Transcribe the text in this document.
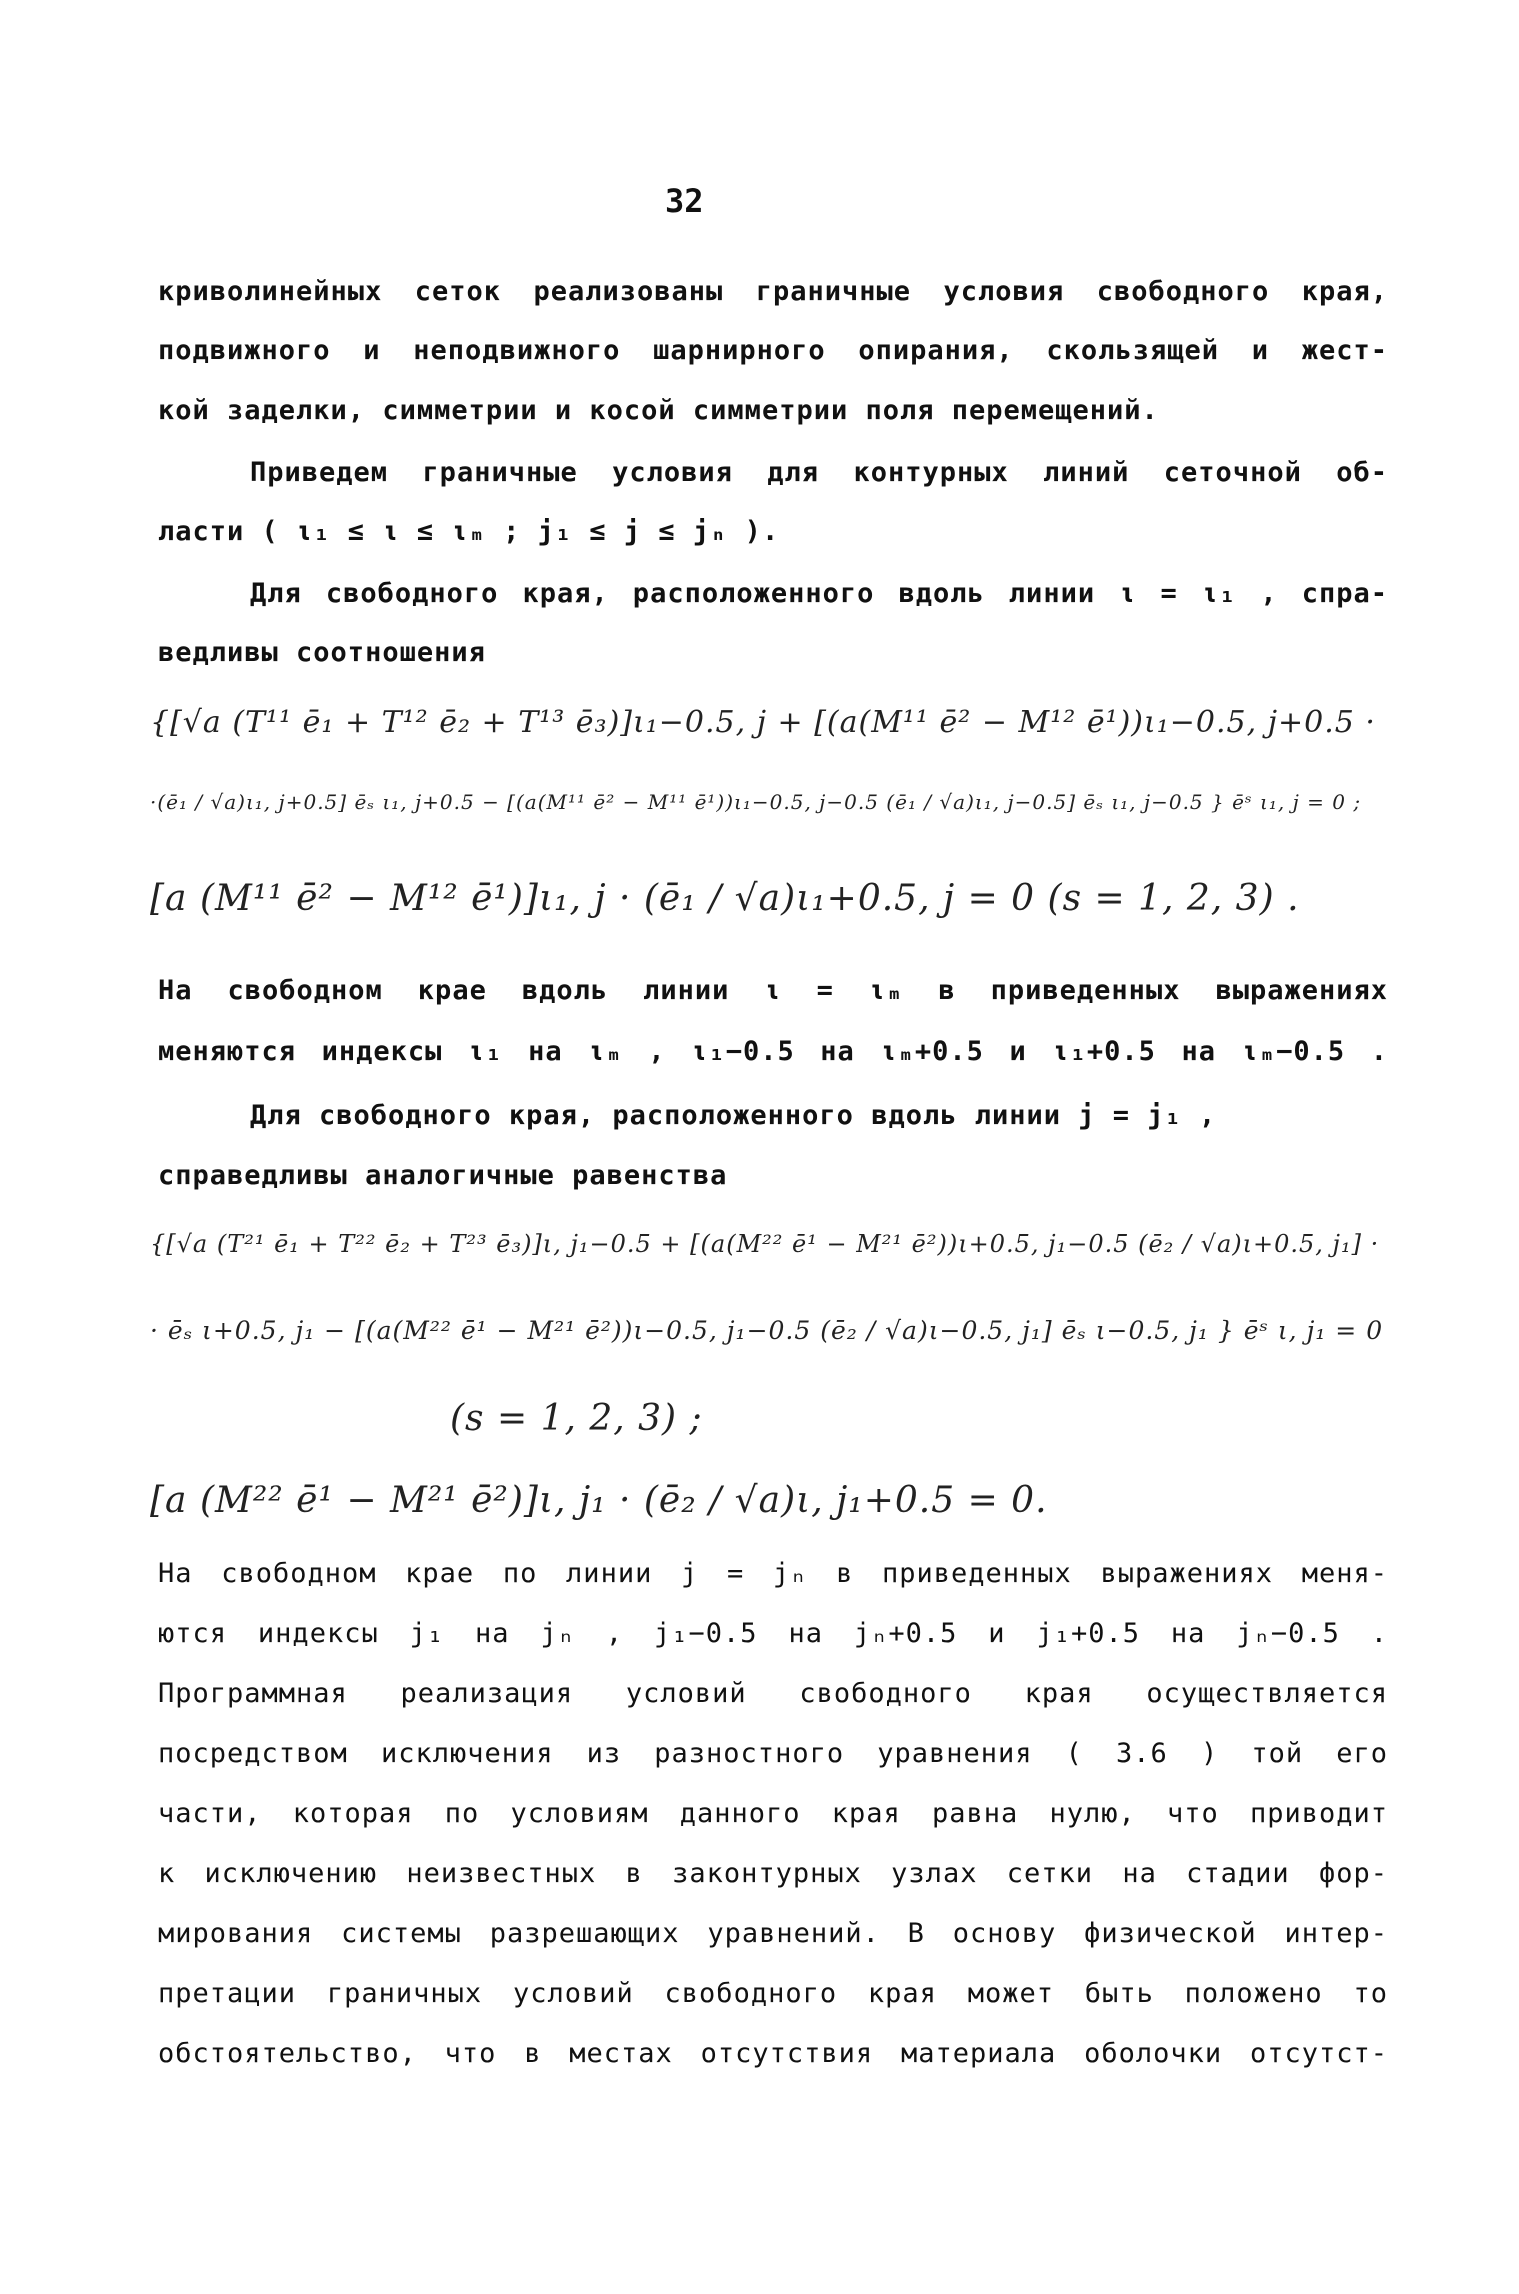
32
криволинейных сеток реализованы граничные условия свободного края,
подвижного и неподвижного шарнирного опирания, скользящей и жест-
кой заделки, симметрии и косой симметрии поля перемещений.
Приведем граничные условия для контурных линий сеточной об-
ласти ( ι₁ ≤ ι ≤ ιₘ ; j₁ ≤ j ≤ jₙ ).
Для свободного края, расположенного вдоль линии ι = ι₁ , спра-
ведливы соотношения
{[√a (T¹¹ ē₁ + T¹² ē₂ + T¹³ ē₃)]ι₁−0.5, j + [(a(M¹¹ ē² − M¹² ē¹))ι₁−0.5, j+0.5 ·
·(ē₁ / √a)ι₁, j+0.5] ēₛ ι₁, j+0.5 − [(a(M¹¹ ē² − M¹¹ ē¹))ι₁−0.5, j−0.5 (ē₁ / √a)ι₁, j−0.5] ēₛ ι₁, j−0.5 } ēˢ ι₁, j = 0 ;
[a (M¹¹ ē² − M¹² ē¹)]ι₁, j · (ē₁ / √a)ι₁+0.5, j = 0 (s = 1, 2, 3) .
На свободном крае вдоль линии ι = ιₘ в приведенных выражениях
меняются индексы ι₁ на ιₘ , ι₁−0.5 на ιₘ+0.5 и ι₁+0.5 на ιₘ−0.5 .
Для свободного края, расположенного вдоль линии j = j₁ ,
справедливы аналогичные равенства
{[√a (T²¹ ē₁ + T²² ē₂ + T²³ ē₃)]ι, j₁−0.5 + [(a(M²² ē¹ − M²¹ ē²))ι+0.5, j₁−0.5 (ē₂ / √a)ι+0.5, j₁] ·
· ēₛ ι+0.5, j₁ − [(a(M²² ē¹ − M²¹ ē²))ι−0.5, j₁−0.5 (ē₂ / √a)ι−0.5, j₁] ēₛ ι−0.5, j₁ } ēˢ ι, j₁ = 0
(s = 1, 2, 3) ;
[a (M²² ē¹ − M²¹ ē²)]ι, j₁ · (ē₂ / √a)ι, j₁+0.5 = 0.
На свободном крае по линии j = jₙ в приведенных выражениях меня-
ются индексы j₁ на jₙ , j₁−0.5 на jₙ+0.5 и j₁+0.5 на jₙ−0.5 .
Программная реализация условий свободного края осуществляется
посредством исключения из разностного уравнения ( 3.6 ) той его
части, которая по условиям данного края равна нулю, что приводит
к исключению неизвестных в законтурных узлах сетки на стадии фор-
мирования системы разрешающих уравнений. В основу физической интер-
претации граничных условий свободного края может быть положено то
обстоятельство, что в местах отсутствия материала оболочки отсутст-
